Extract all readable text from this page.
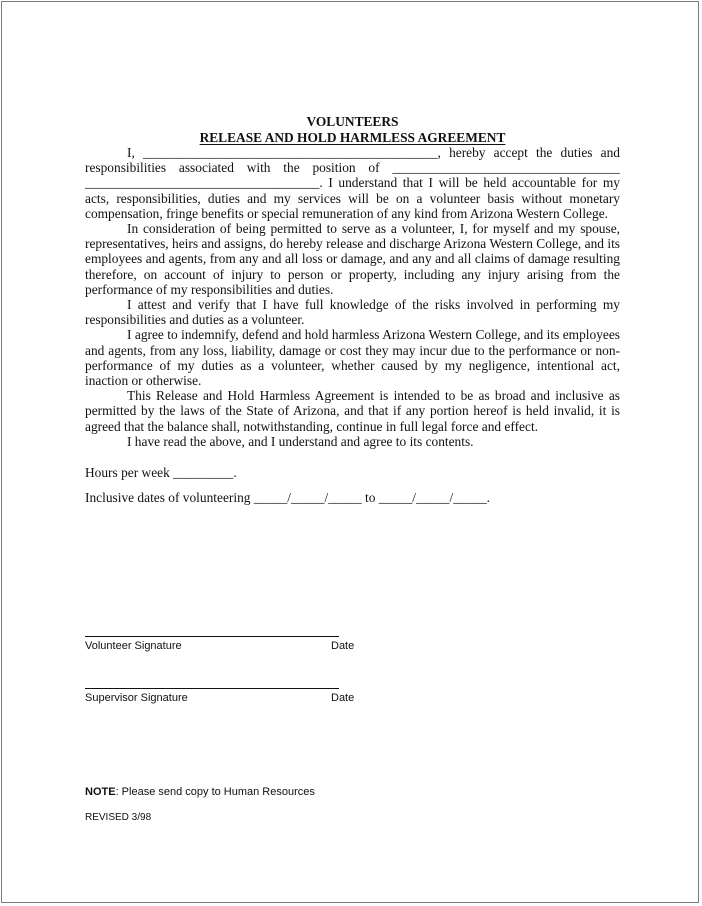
VOLUNTEERS

RELEASE AND HOLD HARMLESS AGREEMENT

I, ____________________________________________, hereby accept the duties and responsibilities associated with the position of __________________________________ ___________________________________. I understand that I will be held accountable for my acts, responsibilities, duties and my services will be on a volunteer basis without monetary compensation, fringe benefits or special remuneration of any kind from Arizona Western College.

In consideration of being permitted to serve as a volunteer, I, for myself and my spouse, representatives, heirs and assigns, do hereby release and discharge Arizona Western College, and its employees and agents, from any and all loss or damage, and any and all claims of damage resulting therefore, on account of injury to person or property, including any injury arising from the performance of my responsibilities and duties.

I attest and verify that I have full knowledge of the risks involved in performing my responsibilities and duties as a volunteer.

I agree to indemnify, defend and hold harmless Arizona Western College, and its employees and agents, from any loss, liability, damage or cost they may incur due to the performance or non-performance of my duties as a volunteer, whether caused by my negligence, intentional act, inaction or otherwise.

This Release and Hold Harmless Agreement is intended to be as broad and inclusive as permitted by the laws of the State of Arizona, and that if any portion hereof is held invalid, it is agreed that the balance shall, notwithstanding, continue in full legal force and effect.

I have read the above, and I understand and agree to its contents.

Hours per week _________.

Inclusive dates of volunteering _____/_____/_____ to _____/_____/_____.

Volunteer Signature	Date
Supervisor Signature	Date
NOTE: Please send copy to Human Resources
REVISED 3/98
